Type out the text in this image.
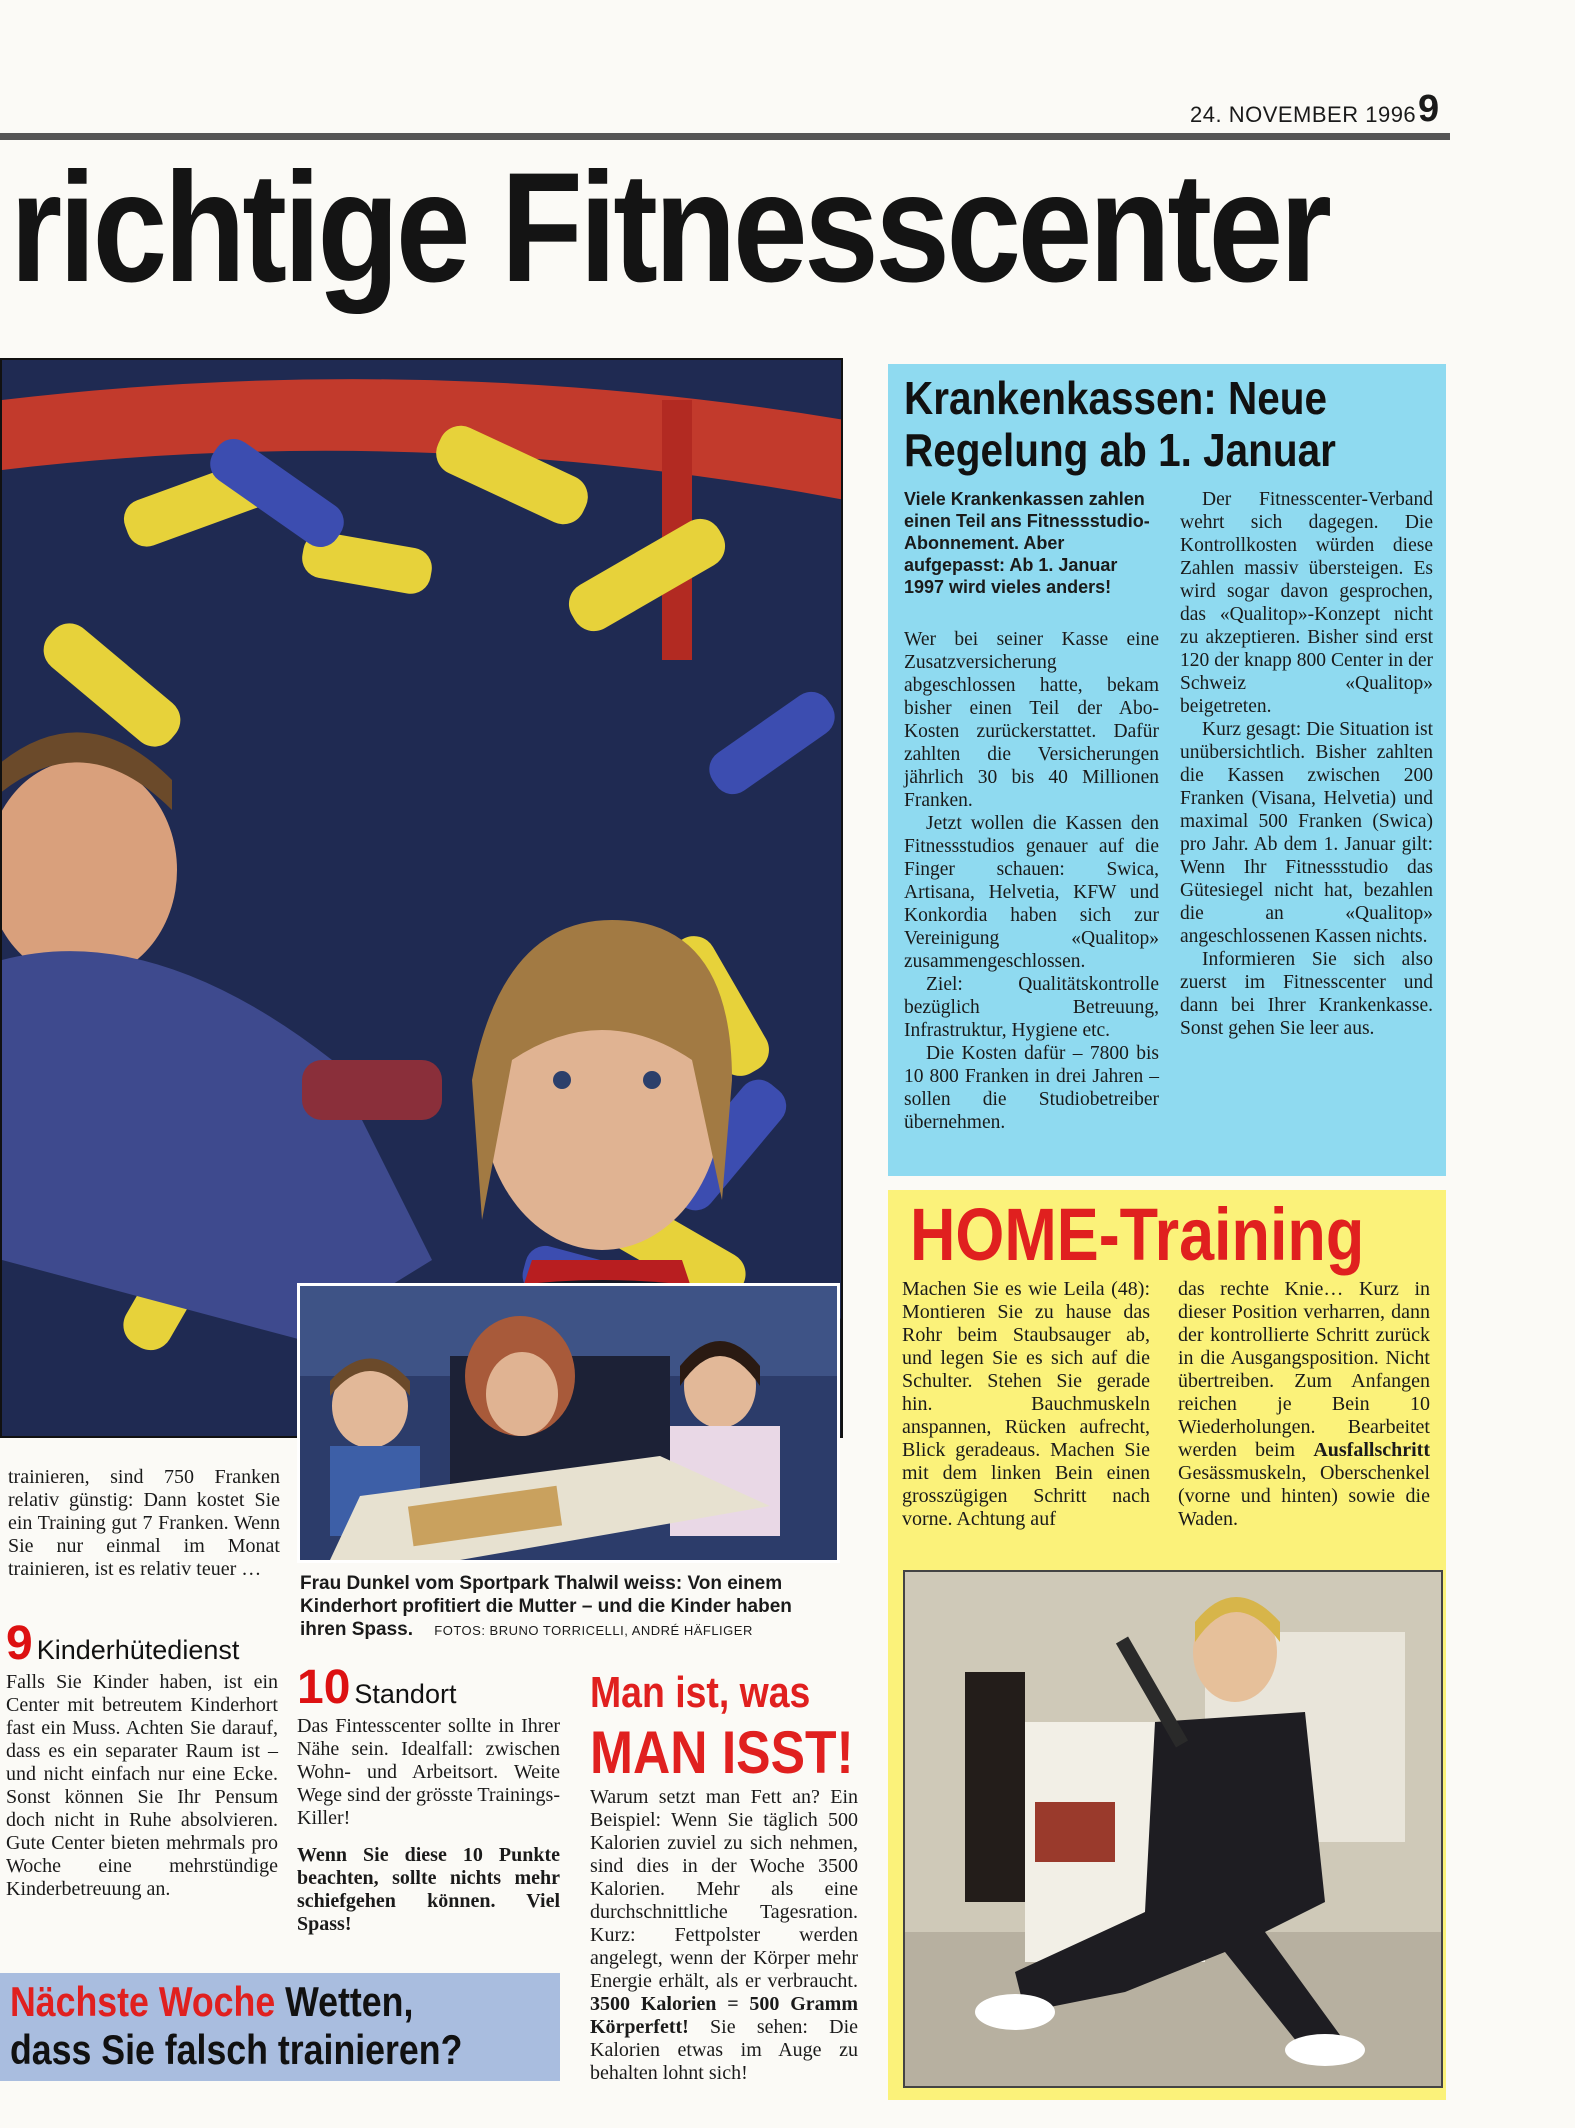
24. NOVEMBER 1996 9
richtige Fitnesscenter
trainieren, sind 750 Franken relativ günstig: Dann kostet Sie ein Training gut 7 Franken. Wenn Sie nur einmal im Monat trainieren, ist es relativ teuer …
Frau Dunkel vom Sportpark Thalwil weiss: Von einem Kinderhort profitiert die Mutter – und die Kinder haben ihren Spass. FOTOS: BRUNO TORRICELLI, ANDRÉ HÄFLIGER
9 Kinderhütedienst
Falls Sie Kinder haben, ist ein Center mit betreutem Kinderhort fast ein Muss. Achten Sie darauf, dass es ein separater Raum ist – und nicht einfach nur eine Ecke. Sonst können Sie Ihr Pensum doch nicht in Ruhe absolvieren. Gute Center bieten mehrmals pro Woche eine mehrstündige Kinderbetreuung an.
10 Standort
Das Fintesscenter sollte in Ihrer Nähe sein. Idealfall: zwischen Wohn- und Arbeitsort. Weite Wege sind der grösste Trainings-Killer!
Wenn Sie diese 10 Punkte beachten, sollte nichts mehr schiefgehen können. Viel Spass!
Man ist, was
MAN ISST!
Warum setzt man Fett an? Ein Beispiel: Wenn Sie täglich 500 Kalorien zuviel zu sich nehmen, sind dies in der Woche 3500 Kalorien. Mehr als eine durchschnittliche Tagesration. Kurz: Fettpolster werden angelegt, wenn der Körper mehr Energie erhält, als er verbraucht. 3500 Kalorien = 500 Gramm Körperfett! Sie sehen: Die Kalorien etwas im Auge zu behalten lohnt sich!
Nächste Woche Wetten,
dass Sie falsch trainieren?
Krankenkassen: Neue
Regelung ab 1. Januar
Viele Krankenkassen zahlen einen Teil ans Fitnessstudio-Abonnement. Aber aufgepasst: Ab 1. Januar 1997 wird vieles anders!
Wer bei seiner Kasse eine Zusatzversicherung abgeschlossen hatte, bekam bisher einen Teil der Abo-Kosten zurückerstattet. Dafür zahlten die Versicherungen jährlich 30 bis 40 Millionen Franken.
Jetzt wollen die Kassen den Fitnessstudios genauer auf die Finger schauen: Swica, Artisana, Helvetia, KFW und Konkordia haben sich zur Vereinigung «Qualitop» zusammengeschlossen.
Ziel: Qualitätskontrolle bezüglich Betreuung, Infrastruktur, Hygiene etc.
Die Kosten dafür – 7800 bis 10 800 Franken in drei Jahren – sollen die Studiobetreiber übernehmen.
Der Fitnesscenter-Verband wehrt sich dagegen. Die Kontrollkosten würden diese Zahlen massiv übersteigen. Es wird sogar davon gesprochen, das «Qualitop»-Konzept nicht zu akzeptieren. Bisher sind erst 120 der knapp 800 Center in der Schweiz «Qualitop» beigetreten.
Kurz gesagt: Die Situation ist unübersichtlich. Bisher zahlten die Kassen zwischen 200 Franken (Visana, Helvetia) und maximal 500 Franken (Swica) pro Jahr. Ab dem 1. Januar gilt: Wenn Ihr Fitnessstudio das Gütesiegel nicht hat, bezahlen die an «Qualitop» angeschlossenen Kassen nichts.
Informieren Sie sich also zuerst im Fitnesscenter und dann bei Ihrer Krankenkasse. Sonst gehen Sie leer aus.
HOME-Training
Machen Sie es wie Leila (48): Montieren Sie zu hause das Rohr beim Staubsauger ab, und legen Sie es sich auf die Schulter. Stehen Sie gerade hin. Bauchmuskeln anspannen, Rücken aufrecht, Blick geradeaus. Machen Sie mit dem linken Bein einen grosszügigen Schritt nach vorne. Achtung auf
das rechte Knie… Kurz in dieser Position verharren, dann der kontrollierte Schritt zurück in die Ausgangsposition. Nicht übertreiben. Zum Anfangen reichen je Bein 10 Wiederholungen. Bearbeitet werden beim Ausfallschritt Gesässmuskeln, Oberschenkel (vorne und hinten) sowie die Waden.
